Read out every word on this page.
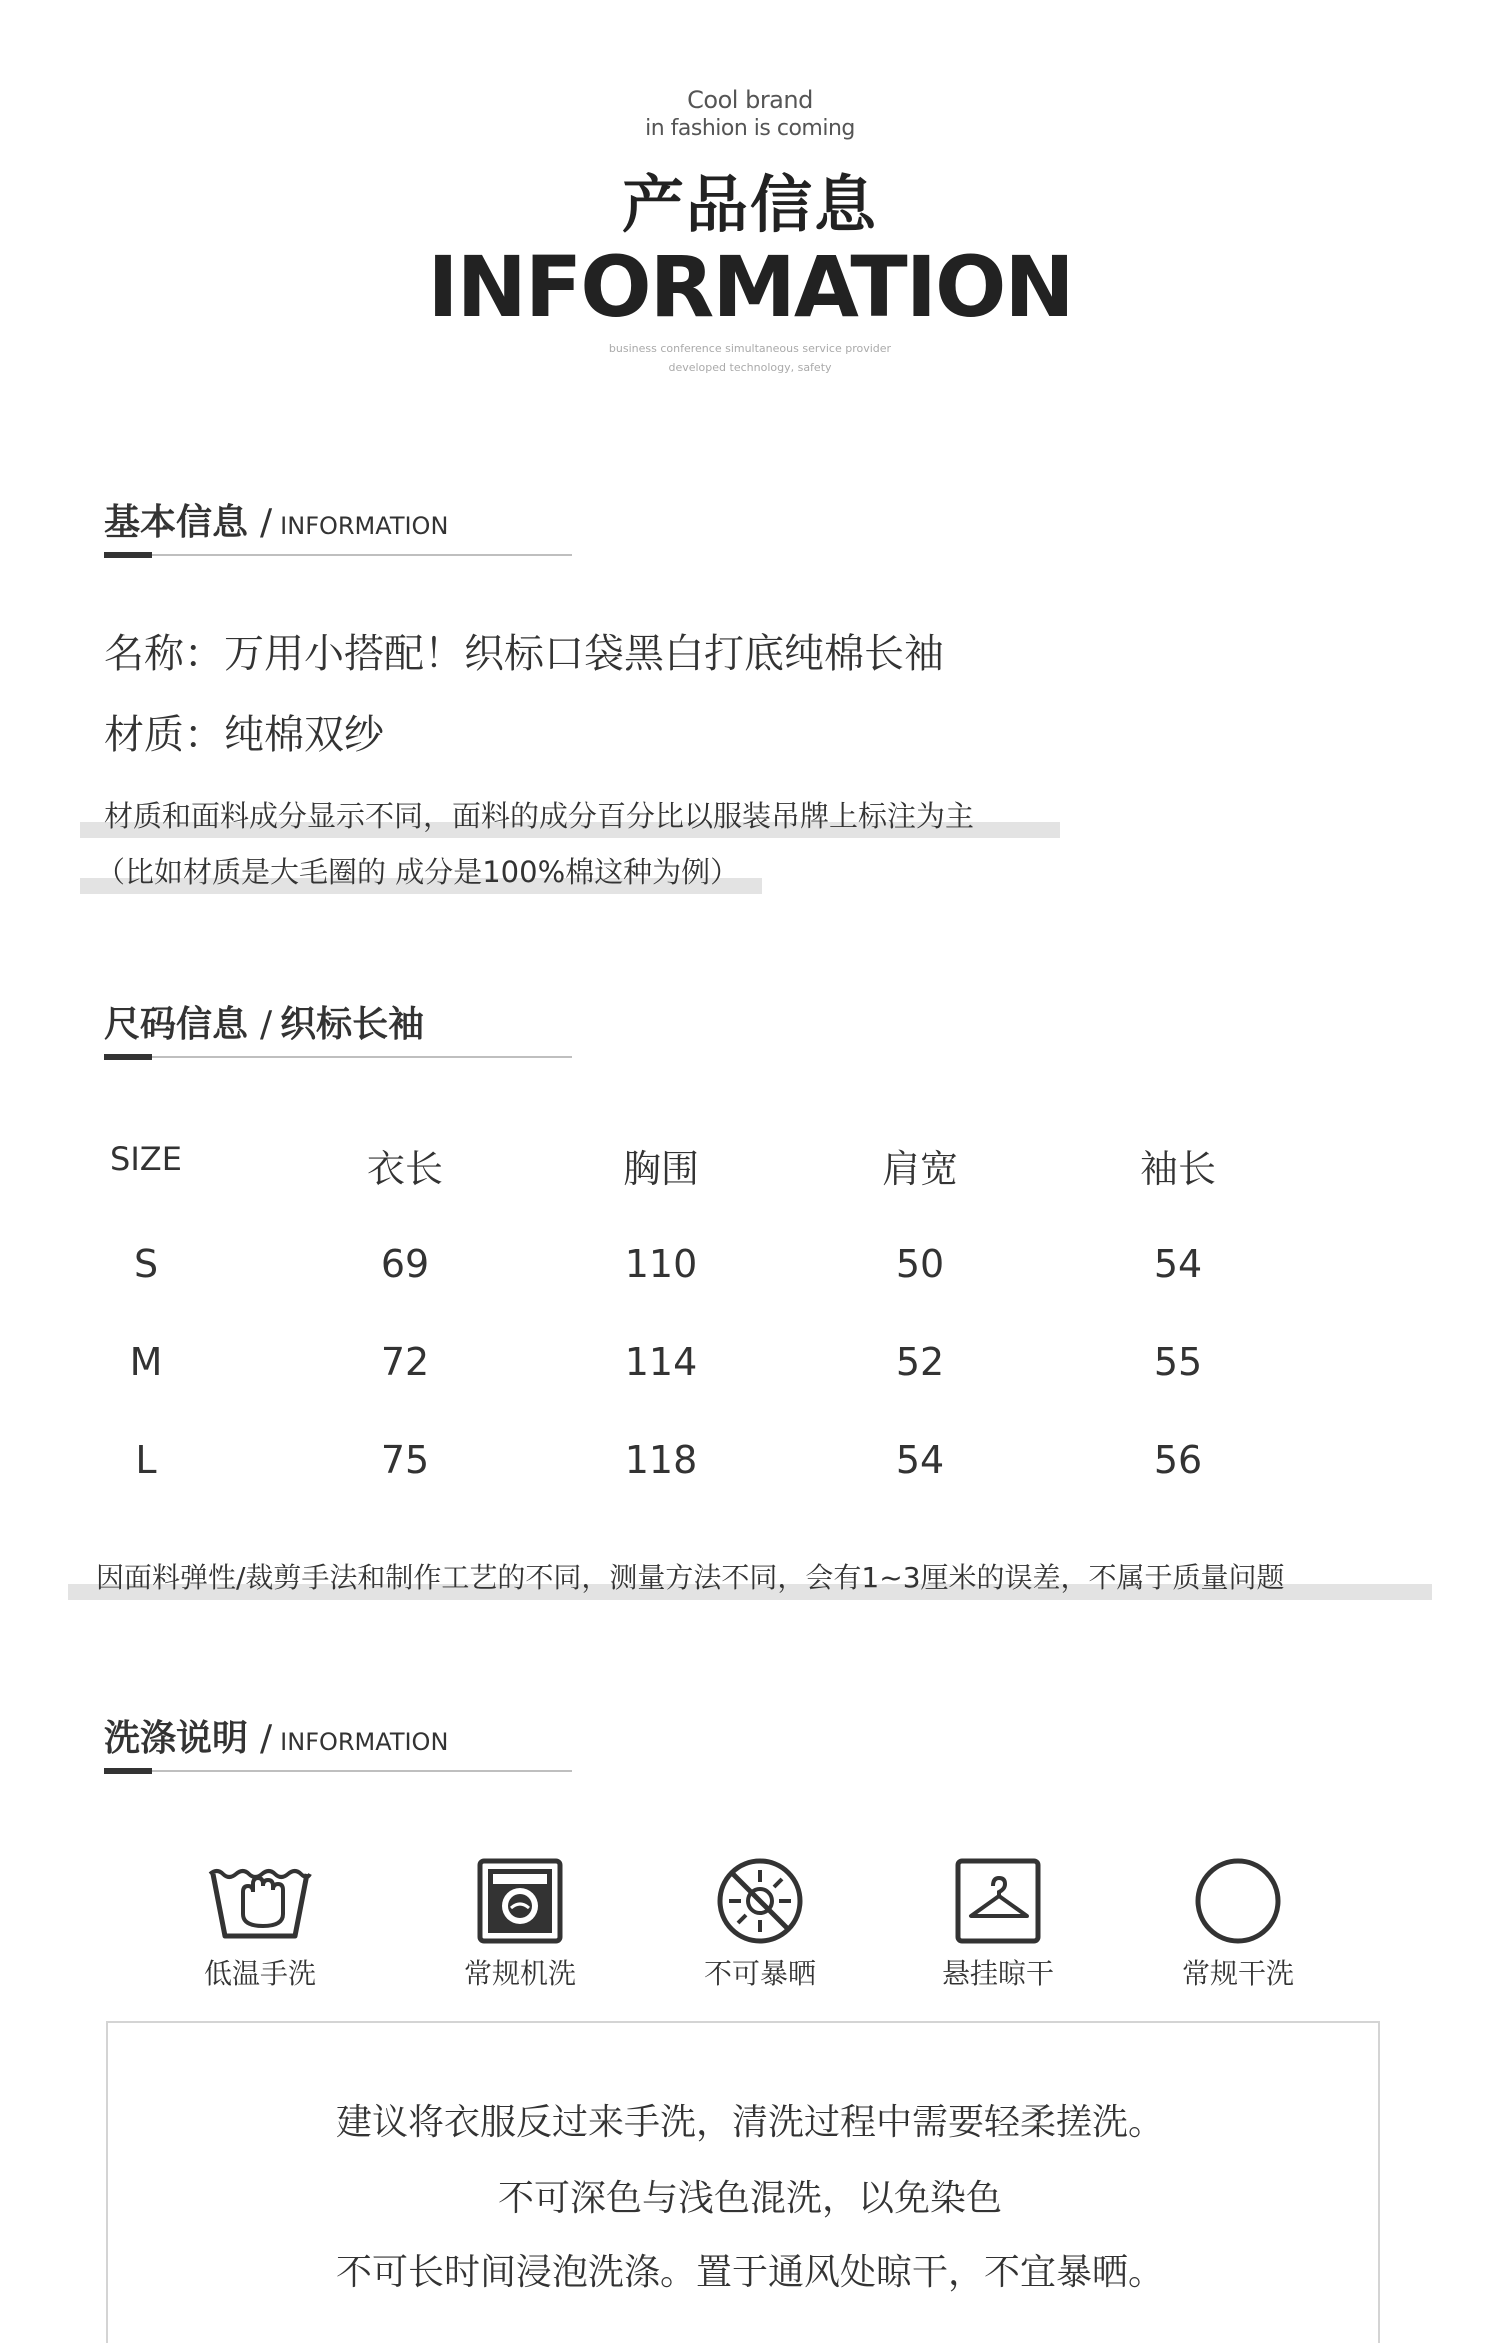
Cool brand
in fashion is coming
产品信息
INFORMATION
business conference simultaneous service provider
developed technology, safety
基本信息 / INFORMATION
名称：万用小搭配！织标口袋黑白打底纯棉长袖
材质：纯棉双纱
材质和面料成分显示不同，面料的成分百分比以服装吊牌上标注为主
（比如材质是大毛圈的 成分是100%棉这种为例）
尺码信息 / 织标长袖
SIZE	衣长	胸围	肩宽	袖长
S	69	110	50	54
M	72	114	52	55
L	75	118	54	56
因面料弹性/裁剪手法和制作工艺的不同，测量方法不同，会有1~3厘米的误差，不属于质量问题
洗涤说明 / INFORMATION
低温手洗	常规机洗	不可暴晒	悬挂晾干	常规干洗
建议将衣服反过来手洗，清洗过程中需要轻柔搓洗。
不可深色与浅色混洗，以免染色
不可长时间浸泡洗涤。置于通风处晾干，不宜暴晒。
